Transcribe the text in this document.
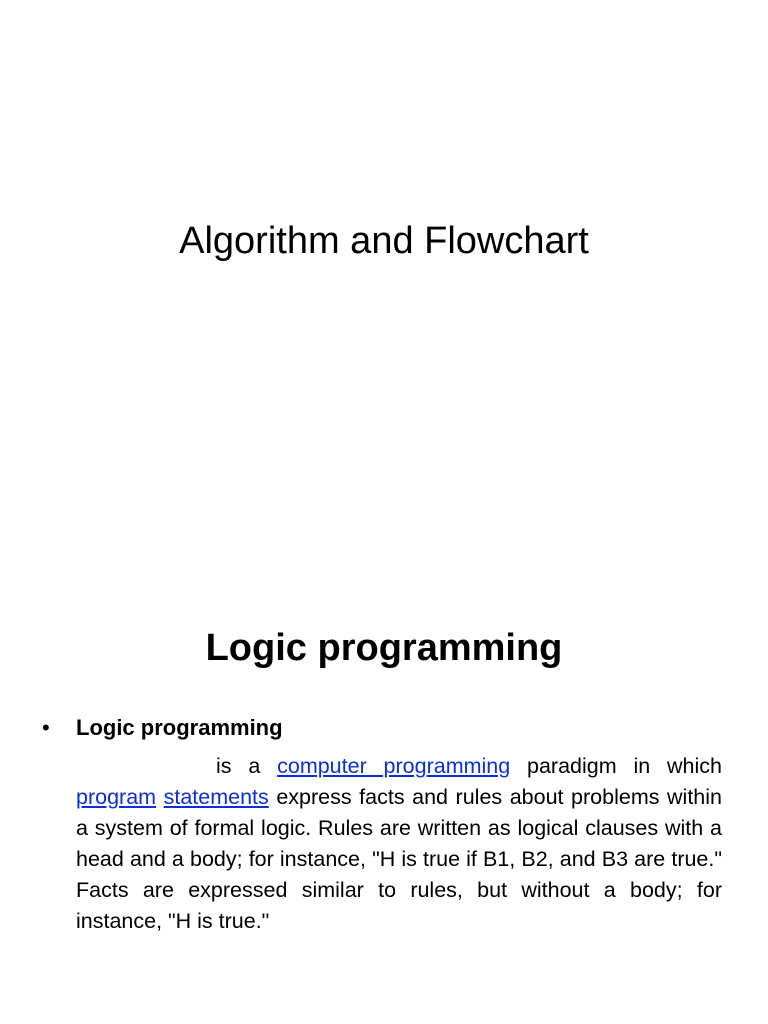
Algorithm and Flowchart
Logic programming
• Logic programming

is a computer programming paradigm in which program statements express facts and rules about problems within a system of formal logic. Rules are written as logical clauses with a head and a body; for instance, "H is true if B1, B2, and B3 are true." Facts are expressed similar to rules, but without a body; for instance, "H is true."
